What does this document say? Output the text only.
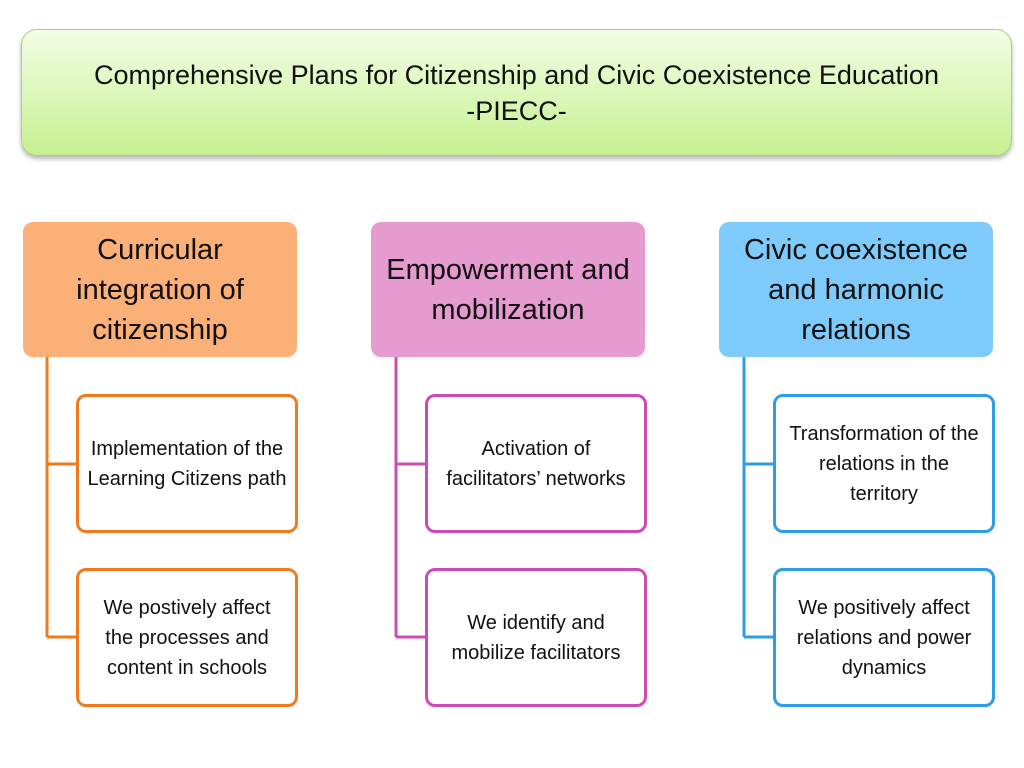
Comprehensive Plans for Citizenship and Civic Coexistence Education
-PIECC-
Curricular integration of citizenship
Implementation of the Learning Citizens path
We postively affect the processes and content in schools
Empowerment and mobilization
Activation of facilitators’ networks
We identify and mobilize facilitators
Civic coexistence and harmonic relations
Transformation of the relations in the territory
We positively affect relations and power dynamics
